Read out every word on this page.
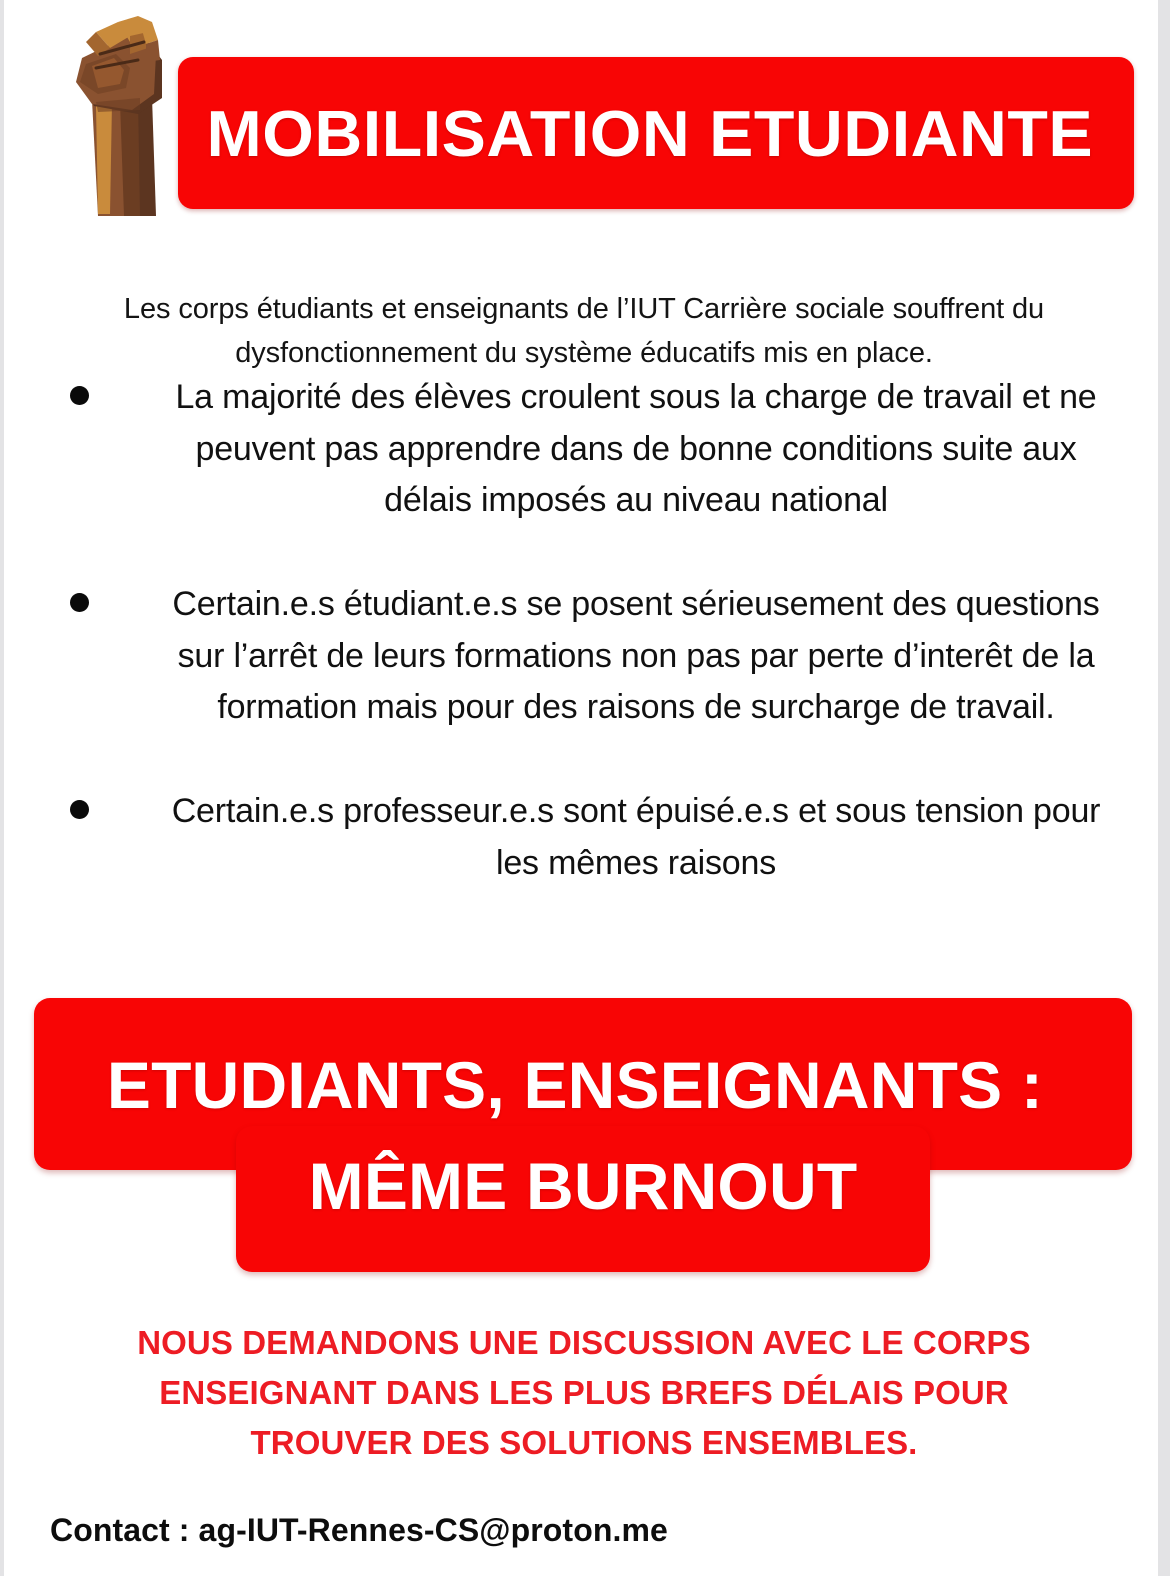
MOBILISATION ETUDIANTE

Les corps étudiants et enseignants de l’IUT Carrière sociale souffrent du dysfonctionnement du système éducatifs mis en place.

La majorité des élèves croulent sous la charge de travail et ne peuvent pas apprendre dans de bonne conditions suite aux délais imposés au niveau national
Certain.e.s étudiant.e.s se posent sérieusement des questions sur l’arrêt de leurs formations non pas par perte d’interêt de la formation mais pour des raisons de surcharge de travail.
Certain.e.s professeur.e.s sont épuisé.e.s et sous tension pour les mêmes raisons
ETUDIANTS, ENSEIGNANTS :
MÊME BURNOUT
NOUS DEMANDONS UNE DISCUSSION AVEC LE CORPS
ENSEIGNANT DANS LES PLUS BREFS DÉLAIS POUR
TROUVER DES SOLUTIONS ENSEMBLES.
Contact : ag-IUT-Rennes-CS@proton.me
